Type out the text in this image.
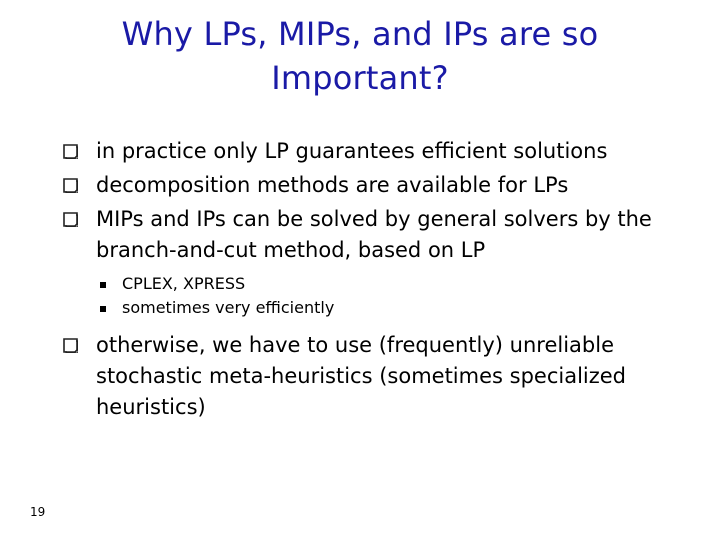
Why LPs, MIPs, and IPs are so Important?
in practice only LP guarantees efficient solutions
decomposition methods are available for LPs
MIPs and IPs can be solved by general solvers by the branch-and-cut method, based on LP
CPLEX, XPRESS
sometimes very efficiently
otherwise, we have to use (frequently) unreliable stochastic meta-heuristics (sometimes specialized heuristics)
19
